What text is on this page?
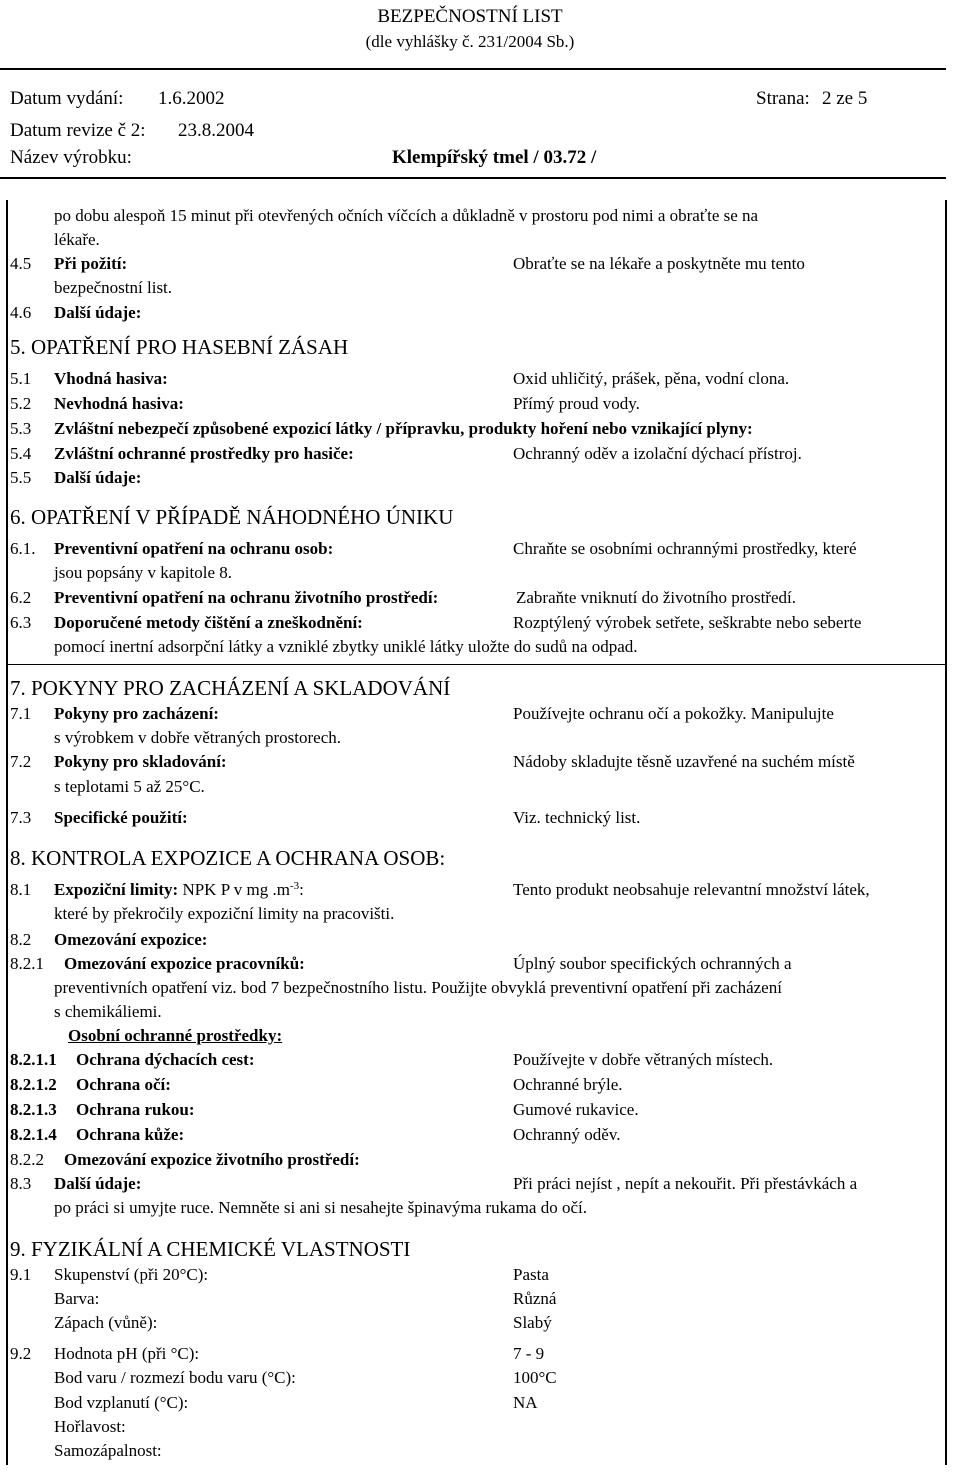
BEZPEČNOSTNÍ LIST
(dle vyhlášky č. 231/2004 Sb.)
Datum vydání: 1.6.2002	Strana: 2 ze 5
Datum revize č 2: 23.8.2004
Název výrobku:	Klempířský tmel / 03.72 /
po dobu alespoň 15 minut při otevřených očních víčcích a důkladně v prostoru pod nimi a obraťte se na
lékaře.
4.5 Při požití:	Obraťte se na lékaře a poskytněte mu tento
bezpečnostní list.
4.6 Další údaje:
5. OPATŘENÍ PRO HASEBNÍ ZÁSAH
5.1 Vhodná hasiva:	Oxid uhličitý, prášek, pěna, vodní clona.
5.2 Nevhodná hasiva:	Přímý proud vody.
5.3 Zvláštní nebezpečí způsobené expozicí látky / přípravku, produkty hoření nebo vznikající plyny:
5.4 Zvláštní ochranné prostředky pro hasiče:	Ochranný oděv a izolační dýchací přístroj.
5.5 Další údaje:
6. OPATŘENÍ V PŘÍPADĚ NÁHODNÉHO ÚNIKU
6.1. Preventivní opatření na ochranu osob:	Chraňte se osobními ochrannými prostředky, které
jsou popsány v kapitole 8.
6.2 Preventivní opatření na ochranu životního prostředí:	Zabraňte vniknutí do životního prostředí.
6.3 Doporučené metody čištění a zneškodnění:	Rozptýlený výrobek setřete, seškrabte nebo seberte
pomocí inertní adsorpční látky a vzniklé zbytky uniklé látky uložte do sudů na odpad.
7. POKYNY PRO ZACHÁZENÍ A SKLADOVÁNÍ
7.1 Pokyny pro zacházení:	Používejte ochranu očí a pokožky. Manipulujte
s výrobkem v dobře větraných prostorech.
7.2 Pokyny pro skladování:	Nádoby skladujte těsně uzavřené na suchém místě
s teplotami 5 až 25°C.
7.3 Specifické použití:	Viz. technický list.
8. KONTROLA EXPOZICE A OCHRANA OSOB:
8.1 Expoziční limity: NPK P v mg $.m^{-3}$:	Tento produkt neobsahuje relevantní množství látek,
které by překročily expoziční limity na pracovišti.
8.2 Omezování expozice:
8.2.1 Omezování expozice pracovníků:	Úplný soubor specifických ochranných a
preventivních opatření viz. bod 7 bezpečnostního listu. Použijte obvyklá preventivní opatření při zacházení
s chemikáliemi.
Osobní ochranné prostředky:
8.2.1.1 Ochrana dýchacích cest:	Používejte v dobře větraných místech.
8.2.1.2 Ochrana očí:	Ochranné brýle.
8.2.1.3 Ochrana rukou:	Gumové rukavice.
8.2.1.4 Ochrana kůže:	Ochranný oděv.
8.2.2 Omezování expozice životního prostředí:
8.3 Další údaje:	Při práci nejíst , nepít a nekouřit. Při přestávkách a
po práci si umyjte ruce. Nemněte si ani si nesahejte špinavýma rukama do očí.
9. FYZIKÁLNÍ A CHEMICKÉ VLASTNOSTI
9.1 Skupenství (při 20°C):	Pasta
Barva:	Různá
Zápach (vůně):	Slabý
9.2 Hodnota pH (při °C):	7 - 9
Bod varu / rozmezí bodu varu (°C):	100°C
Bod vzplanutí (°C):	NA
Hořlavost:
Samozápalnost:
